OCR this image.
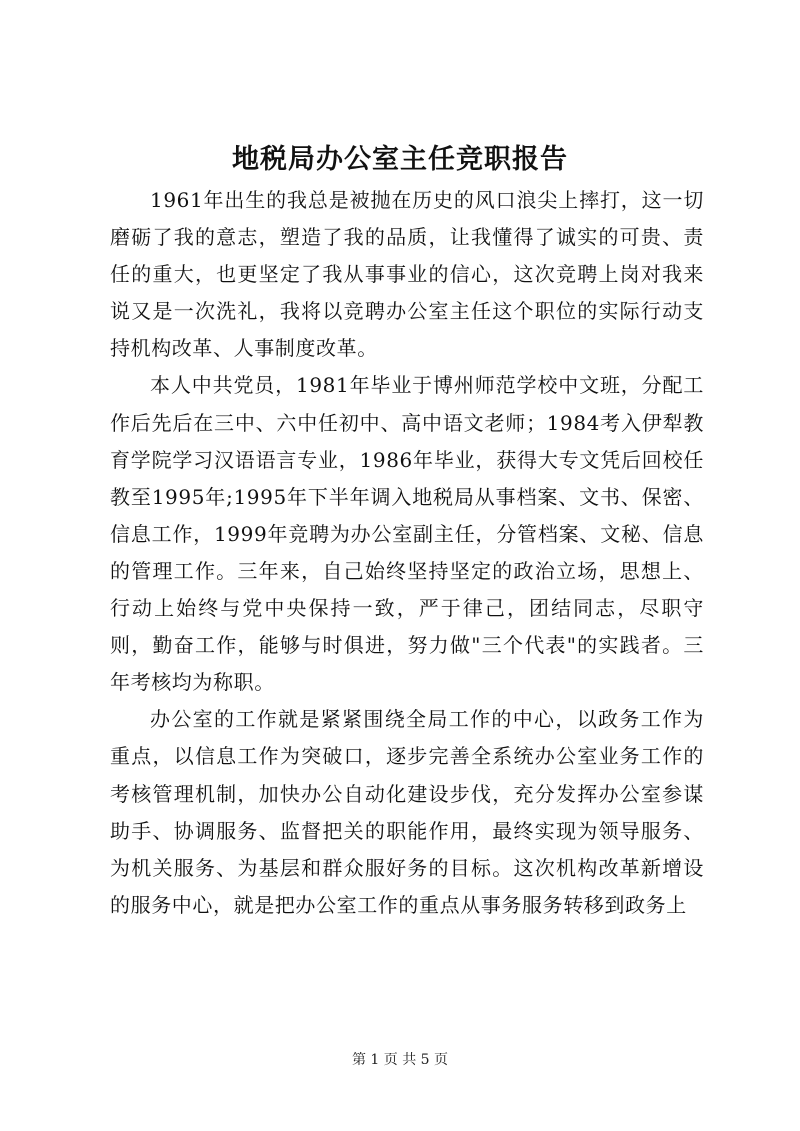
地税局办公室主任竞职报告

1961年出生的我总是被抛在历史的风口浪尖上摔打，这一切磨砺了我的意志，塑造了我的品质，让我懂得了诚实的可贵、责任的重大，也更坚定了我从事事业的信心，这次竞聘上岗对我来说又是一次洗礼，我将以竞聘办公室主任这个职位的实际行动支持机构改革、人事制度改革。

本人中共党员，1981年毕业于博州师范学校中文班，分配工作后先后在三中、六中任初中、高中语文老师；1984考入伊犁教育学院学习汉语语言专业，1986年毕业，获得大专文凭后回校任教至1995年;1995年下半年调入地税局从事档案、文书、保密、信息工作，1999年竞聘为办公室副主任，分管档案、文秘、信息的管理工作。三年来，自己始终坚持坚定的政治立场，思想上、行动上始终与党中央保持一致，严于律己，团结同志，尽职守则，勤奋工作，能够与时俱进，努力做"三个代表"的实践者。三年考核均为称职。

办公室的工作就是紧紧围绕全局工作的中心，以政务工作为重点，以信息工作为突破口，逐步完善全系统办公室业务工作的考核管理机制，加快办公自动化建设步伐，充分发挥办公室参谋助手、协调服务、监督把关的职能作用，最终实现为领导服务、为机关服务、为基层和群众服好务的目标。这次机构改革新增设的服务中心，就是把办公室工作的重点从事务服务转移到政务上

第 1 页 共 5 页
